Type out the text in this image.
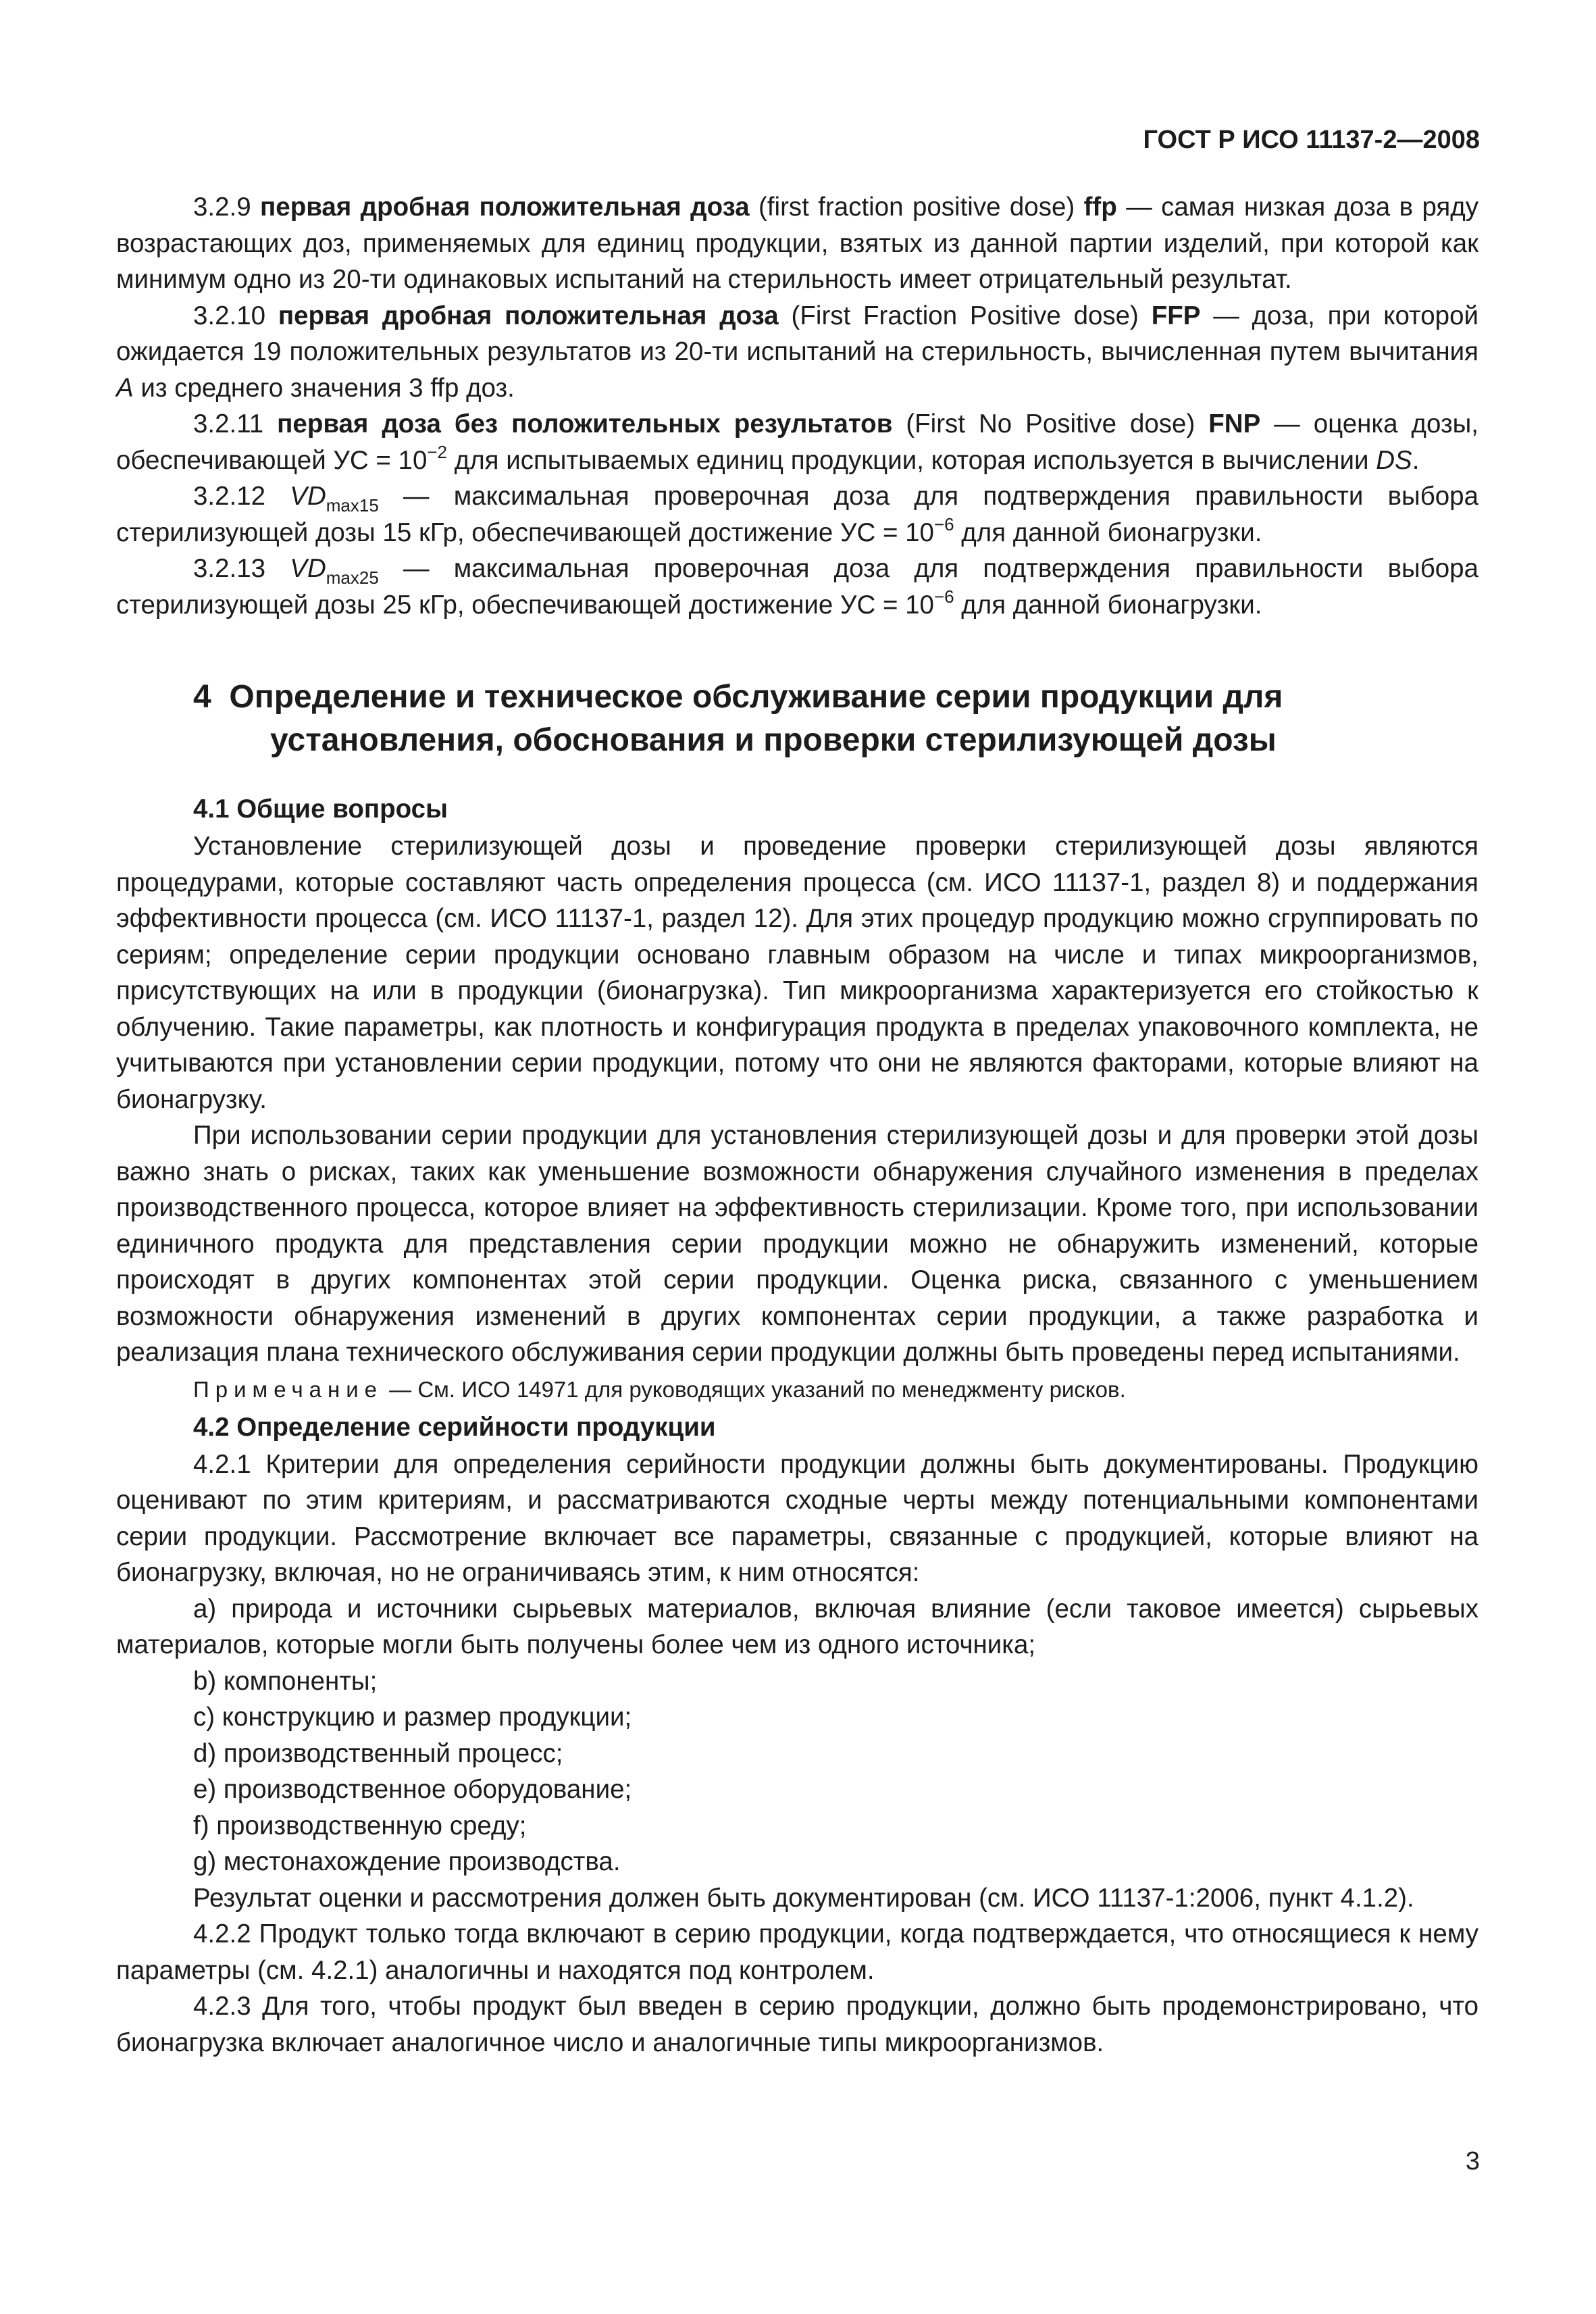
ГОСТ Р ИСО 11137-2—2008

3.2.9 первая дробная положительная доза (first fraction positive dose) ffp — самая низкая доза в ряду возрастающих доз, применяемых для единиц продукции, взятых из данной партии изделий, при которой как минимум одно из 20-ти одинаковых испытаний на стерильность имеет отрицательный результат.

3.2.10 первая дробная положительная доза (First Fraction Positive dose) FFP — доза, при которой ожидается 19 положительных результатов из 20-ти испытаний на стерильность, вычисленная путем вычитания A из среднего значения 3 ffp доз.

3.2.11 первая доза без положительных результатов (First No Positive dose) FNP — оценка дозы, обеспечивающей УС = $10^{-2}$ для испытываемых единиц продукции, которая используется в вычислении DS.

3.2.12 $VD_{max15}$ — максимальная проверочная доза для подтверждения правильности выбора стерилизующей дозы 15 кГр, обеспечивающей достижение УС = $10^{-6}$ для данной бионагрузки.

3.2.13 $VD_{max25}$ — максимальная проверочная доза для подтверждения правильности выбора стерилизующей дозы 25 кГр, обеспечивающей достижение УС = $10^{-6}$ для данной бионагрузки.

4 Определение и техническое обслуживание серии продукции для установления, обоснования и проверки стерилизующей дозы
4.1 Общие вопросы

Установление стерилизующей дозы и проведение проверки стерилизующей дозы являются процедурами, которые составляют часть определения процесса (см. ИСО 11137-1, раздел 8) и поддержания эффективности процесса (см. ИСО 11137-1, раздел 12). Для этих процедур продукцию можно сгруппировать по сериям; определение серии продукции основано главным образом на числе и типах микроорганизмов, присутствующих на или в продукции (бионагрузка). Тип микроорганизма характеризуется его стойкостью к облучению. Такие параметры, как плотность и конфигурация продукта в пределах упаковочного комплекта, не учитываются при установлении серии продукции, потому что они не являются факторами, которые влияют на бионагрузку.

При использовании серии продукции для установления стерилизующей дозы и для проверки этой дозы важно знать о рисках, таких как уменьшение возможности обнаружения случайного изменения в пределах производственного процесса, которое влияет на эффективность стерилизации. Кроме того, при использовании единичного продукта для представления серии продукции можно не обнаружить изменений, которые происходят в других компонентах этой серии продукции. Оценка риска, связанного с уменьшением возможности обнаружения изменений в других компонентах серии продукции, а также разработка и реализация плана технического обслуживания серии продукции должны быть проведены перед испытаниями.

Примечание — См. ИСО 14971 для руководящих указаний по менеджменту рисков.

4.2 Определение серийности продукции

4.2.1 Критерии для определения серийности продукции должны быть документированы. Продукцию оценивают по этим критериям, и рассматриваются сходные черты между потенциальными компонентами серии продукции. Рассмотрение включает все параметры, связанные с продукцией, которые влияют на бионагрузку, включая, но не ограничиваясь этим, к ним относятся:

a) природа и источники сырьевых материалов, включая влияние (если таковое имеется) сырьевых материалов, которые могли быть получены более чем из одного источника;

b) компоненты;

c) конструкцию и размер продукции;

d) производственный процесс;

e) производственное оборудование;

f) производственную среду;

g) местонахождение производства.

Результат оценки и рассмотрения должен быть документирован (см. ИСО 11137-1:2006, пункт 4.1.2).

4.2.2 Продукт только тогда включают в серию продукции, когда подтверждается, что относящиеся к нему параметры (см. 4.2.1) аналогичны и находятся под контролем.

4.2.3 Для того, чтобы продукт был введен в серию продукции, должно быть продемонстрировано, что бионагрузка включает аналогичное число и аналогичные типы микроорганизмов.

3
